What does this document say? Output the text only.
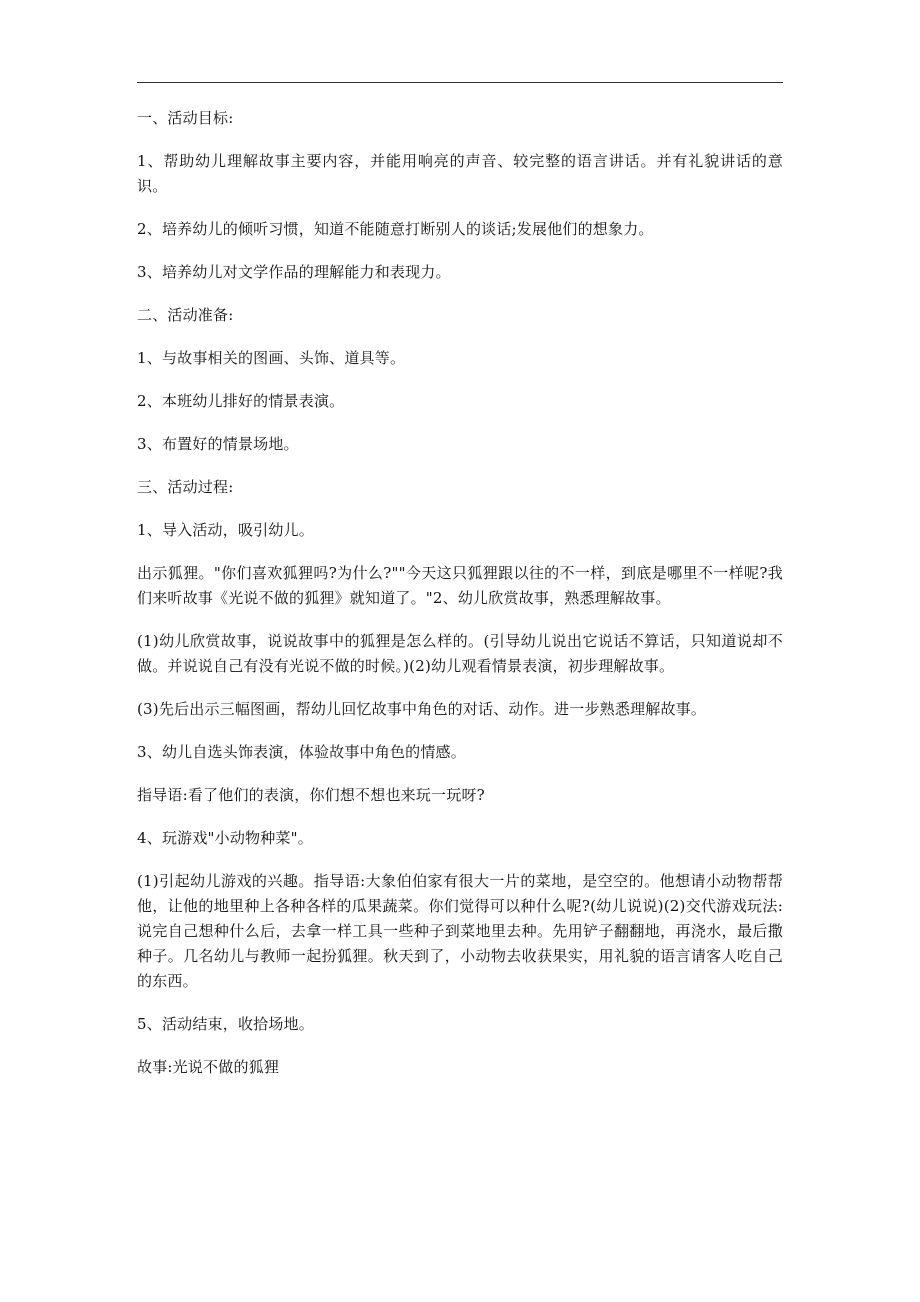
一、活动目标:

1、帮助幼儿理解故事主要内容，并能用响亮的声音、较完整的语言讲话。并有礼貌讲话的意识。

2、培养幼儿的倾听习惯，知道不能随意打断别人的谈话;发展他们的想象力。

3、培养幼儿对文学作品的理解能力和表现力。

二、活动准备:

1、与故事相关的图画、头饰、道具等。

2、本班幼儿排好的情景表演。

3、布置好的情景场地。

三、活动过程:

1、导入活动，吸引幼儿。

出示狐狸。"你们喜欢狐狸吗?为什么?""今天这只狐狸跟以往的不一样，到底是哪里不一样呢?我们来听故事《光说不做的狐狸》就知道了。"2、幼儿欣赏故事，熟悉理解故事。

(1)幼儿欣赏故事，说说故事中的狐狸是怎么样的。(引导幼儿说出它说话不算话，只知道说却不做。并说说自己有没有光说不做的时候。)(2)幼儿观看情景表演，初步理解故事。

(3)先后出示三幅图画，帮幼儿回忆故事中角色的对话、动作。进一步熟悉理解故事。

3、幼儿自选头饰表演，体验故事中角色的情感。

指导语:看了他们的表演，你们想不想也来玩一玩呀?

4、玩游戏"小动物种菜"。

(1)引起幼儿游戏的兴趣。指导语:大象伯伯家有很大一片的菜地，是空空的。他想请小动物帮帮他，让他的地里种上各种各样的瓜果蔬菜。你们觉得可以种什么呢?(幼儿说说)(2)交代游戏玩法:说完自己想种什么后，去拿一样工具一些种子到菜地里去种。先用铲子翻翻地，再浇水，最后撒种子。几名幼儿与教师一起扮狐狸。秋天到了，小动物去收获果实，用礼貌的语言请客人吃自己的东西。

5、活动结束，收拾场地。

故事:光说不做的狐狸
